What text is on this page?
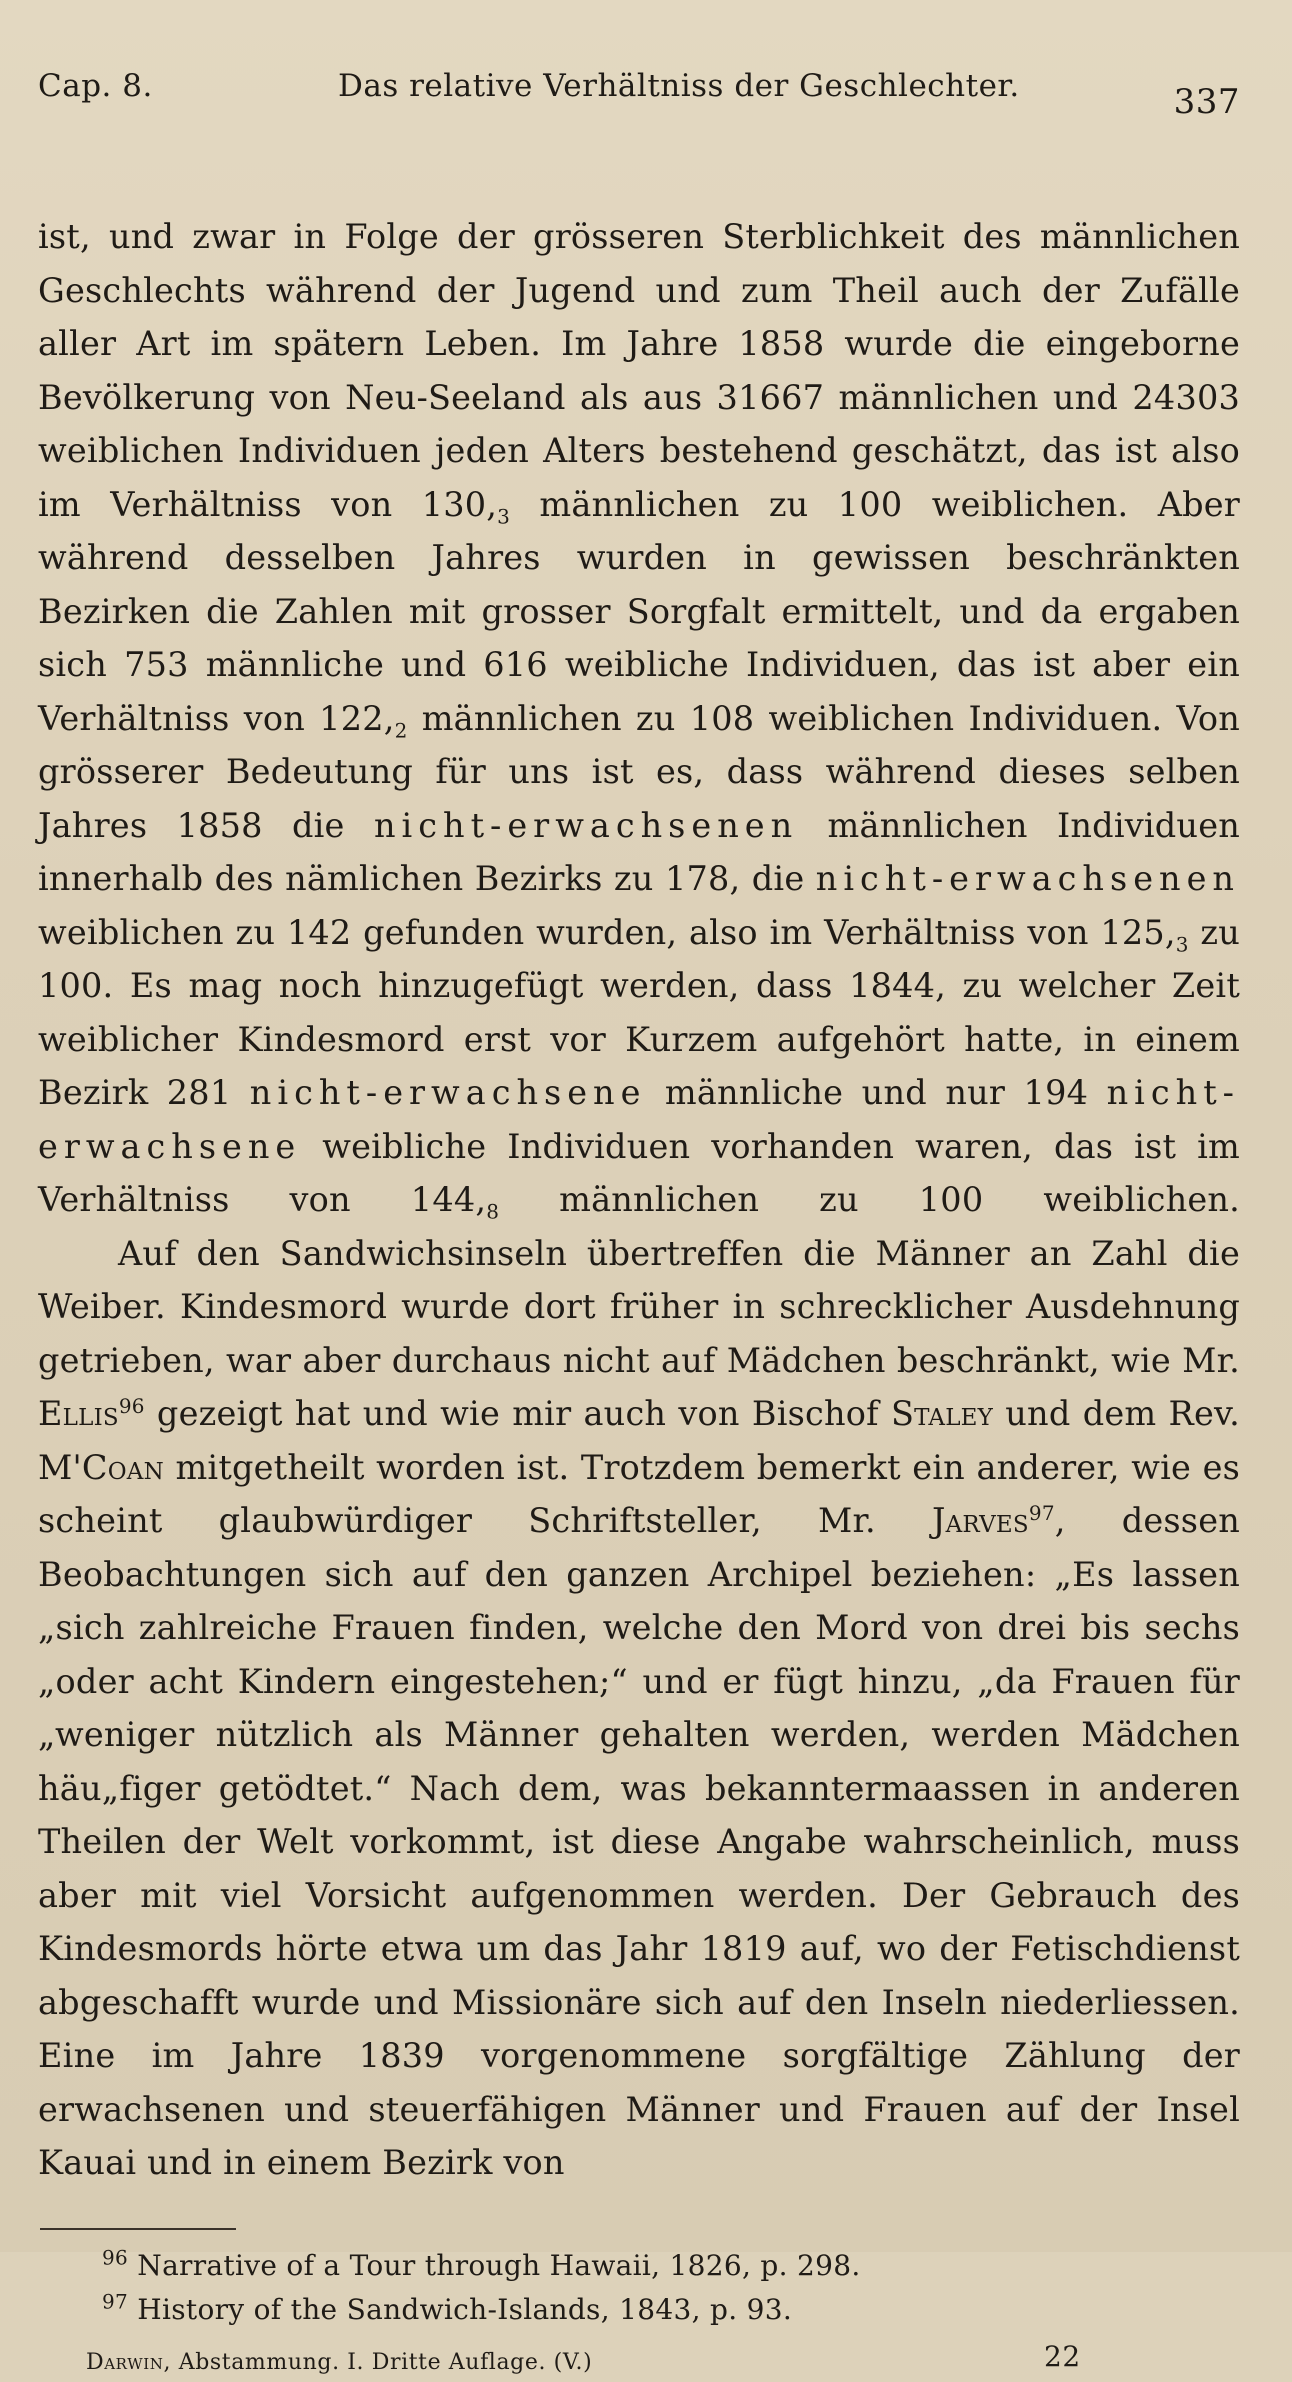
Cap. 8.	Das relative Verhältniss der Geschlechter.	337

ist, und zwar in Folge der grösseren Sterblichkeit des männlichen Geschlechts während der Jugend und zum Theil auch der Zufälle aller Art im spätern Leben. Im Jahre 1858 wurde die eingeborne Bevölkerung von Neu-Seeland als aus 31667 männlichen und 24303 weiblichen Individuen jeden Alters bestehend geschätzt, das ist also im Verhältniss von $130,_3$ männlichen zu 100 weiblichen. Aber während desselben Jahres wurden in gewissen beschränkten Bezirken die Zahlen mit grosser Sorgfalt ermittelt, und da ergaben sich 753 männliche und 616 weibliche Individuen, das ist aber ein Verhältniss von $122,_2$ männlichen zu 108 weiblichen Individuen. Von grösserer Bedeutung für uns ist es, dass während dieses selben Jahres 1858 die nicht-erwachsenen männlichen Individuen innerhalb des nämlichen Bezirks zu 178, die nicht-erwachsenen weiblichen zu 142 gefunden wurden, also im Verhältniss von $125,_3$ zu 100. Es mag noch hinzugefügt werden, dass 1844, zu welcher Zeit weiblicher Kindesmord erst vor Kurzem aufgehört hatte, in einem Bezirk 281 nicht-erwachsene männliche und nur 194 nicht-erwachsene weibliche Individuen vorhanden waren, das ist im Verhältniss von $144,_8$ männlichen zu 100 weiblichen.

Auf den Sandwichsinseln übertreffen die Männer an Zahl die Weiber. Kindesmord wurde dort früher in schrecklicher Ausdehnung getrieben, war aber durchaus nicht auf Mädchen beschränkt, wie Mr. Ellis$^{96}$ gezeigt hat und wie mir auch von Bischof Staley und dem Rev. M'Coan mitgetheilt worden ist. Trotzdem bemerkt ein anderer, wie es scheint glaubwürdiger Schriftsteller, Mr. Jarves$^{97}$, dessen Beobachtungen sich auf den ganzen Archipel beziehen: „Es lassen „sich zahlreiche Frauen finden, welche den Mord von drei bis sechs „oder acht Kindern eingestehen;“ und er fügt hinzu, „da Frauen für „weniger nützlich als Männer gehalten werden, werden Mädchen häu„figer getödtet.“ Nach dem, was bekanntermaassen in anderen Theilen der Welt vorkommt, ist diese Angabe wahrscheinlich, muss aber mit viel Vorsicht aufgenommen werden. Der Gebrauch des Kindesmords hörte etwa um das Jahr 1819 auf, wo der Fetischdienst abgeschafft wurde und Missionäre sich auf den Inseln niederliessen. Eine im Jahre 1839 vorgenommene sorgfältige Zählung der erwachsenen und steuerfähigen Männer und Frauen auf der Insel Kauai und in einem Bezirk von

$^{96}$ Narrative of a Tour through Hawaii, 1826, p. 298.
$^{97}$ History of the Sandwich-Islands, 1843, p. 93.
Darwin, Abstammung. I. Dritte Auflage. (V.)	22
